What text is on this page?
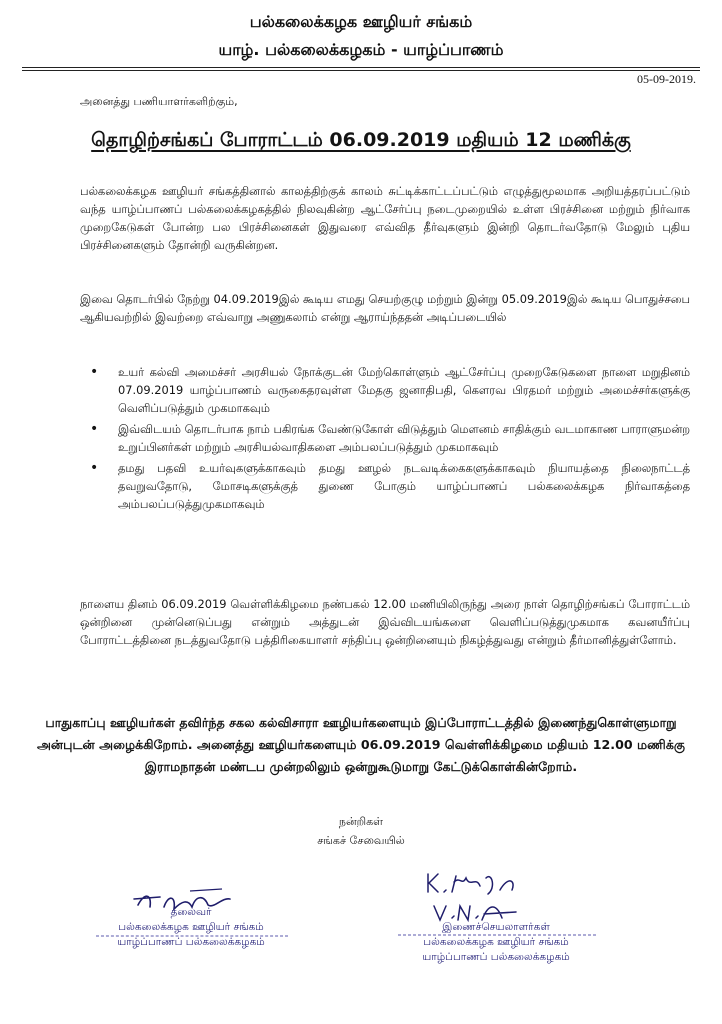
பல்கலைக்கழக ஊழியர் சங்கம்
யாழ். பல்கலைக்கழகம் - யாழ்ப்பாணம்
05-09-2019.
அனைத்து பணியாளர்களிற்கும்,
தொழிற்சங்கப் போராட்டம் 06.09.2019 மதியம் 12 மணிக்கு
பல்கலைக்கழக ஊழியர் சங்கத்தினால் காலத்திற்குக் காலம் சுட்டிக்காட்டப்பட்டும் எழுத்துமூலமாக அறியத்தரப்பட்டும் வந்த யாழ்ப்பாணப் பல்கலைக்கழகத்தில் நிலவுகின்ற ஆட்சேர்ப்பு நடைமுறையில் உள்ள பிரச்சினை மற்றும் நிர்வாக முறைகேடுகள் போன்ற பல பிரச்சினைகள் இதுவரை எவ்வித தீர்வுகளும் இன்றி தொடர்வதோடு மேலும் புதிய பிரச்சினைகளும் தோன்றி வருகின்றன.
இவை தொடர்பில் நேற்று 04.09.2019இல் கூடிய எமது செயற்குழு மற்றும் இன்று 05.09.2019இல் கூடிய பொதுச்சபை ஆகியவற்றில் இவற்றை எவ்வாறு அணுகலாம் என்று ஆராய்ந்ததன் அடிப்படையில்
• உயர் கல்வி அமைச்சர் அரசியல் நோக்குடன் மேற்கொள்ளும் ஆட்சேர்ப்பு முறைகேடுகளை நாளை மறுதினம் 07.09.2019 யாழ்ப்பாணம் வருகைதரவுள்ள மேதகு ஜனாதிபதி, கௌரவ பிரதமர் மற்றும் அமைச்சர்களுக்கு வெளிப்படுத்தும் முகமாகவும்
• இவ்விடயம் தொடர்பாக நாம் பகிரங்க வேண்டுகோள் விடுத்தும் மௌனம் சாதிக்கும் வடமாகாண பாராளுமன்ற உறுப்பினர்கள் மற்றும் அரசியல்வாதிகளை அம்பலப்படுத்தும் முகமாகவும்
• தமது பதவி உயர்வுகளுக்காகவும் தமது ஊழல் நடவடிக்கைகளுக்காகவும் நியாயத்தை நிலைநாட்டத் தவறுவதோடு, மோசடிகளுக்குத் துணை போகும் யாழ்ப்பாணப் பல்கலைக்கழக நிர்வாகத்தை அம்பலப்படுத்துமுகமாகவும்
நாளைய தினம் 06.09.2019 வெள்ளிக்கிழமை நண்பகல் 12.00 மணியிலிருந்து அரை நாள் தொழிற்சங்கப் போராட்டம் ஒன்றினை முன்னெடுப்பது என்றும் அத்துடன் இவ்விடயங்களை வெளிப்படுத்துமுகமாக கவனயீர்ப்பு போராட்டத்தினை நடத்துவதோடு பத்திரிகையாளர் சந்திப்பு ஒன்றினையும் நிகழ்த்துவது என்றும் தீர்மானித்துள்ளோம்.
பாதுகாப்பு ஊழியர்கள் தவிர்ந்த சகல கல்விசாரா ஊழியர்களையும் இப்போராட்டத்தில் இணைந்துகொள்ளுமாறு அன்புடன் அழைக்கிறோம். அனைத்து ஊழியர்களையும் 06.09.2019 வெள்ளிக்கிழமை மதியம் 12.00 மணிக்கு இராமநாதன் மண்டப முன்றலிலும் ஒன்றுகூடுமாறு கேட்டுக்கொள்கின்றோம்.
நன்றிகள்
சங்கச் சேவையில்
தலைவர்
பல்கலைக்கழக ஊழியர் சங்கம்
யாழ்ப்பாணப் பல்கலைக்கழகம்
இணைச்செயலாளர்கள்
பல்கலைக்கழக ஊழியர் சங்கம்
யாழ்ப்பாணப் பல்கலைக்கழகம்
